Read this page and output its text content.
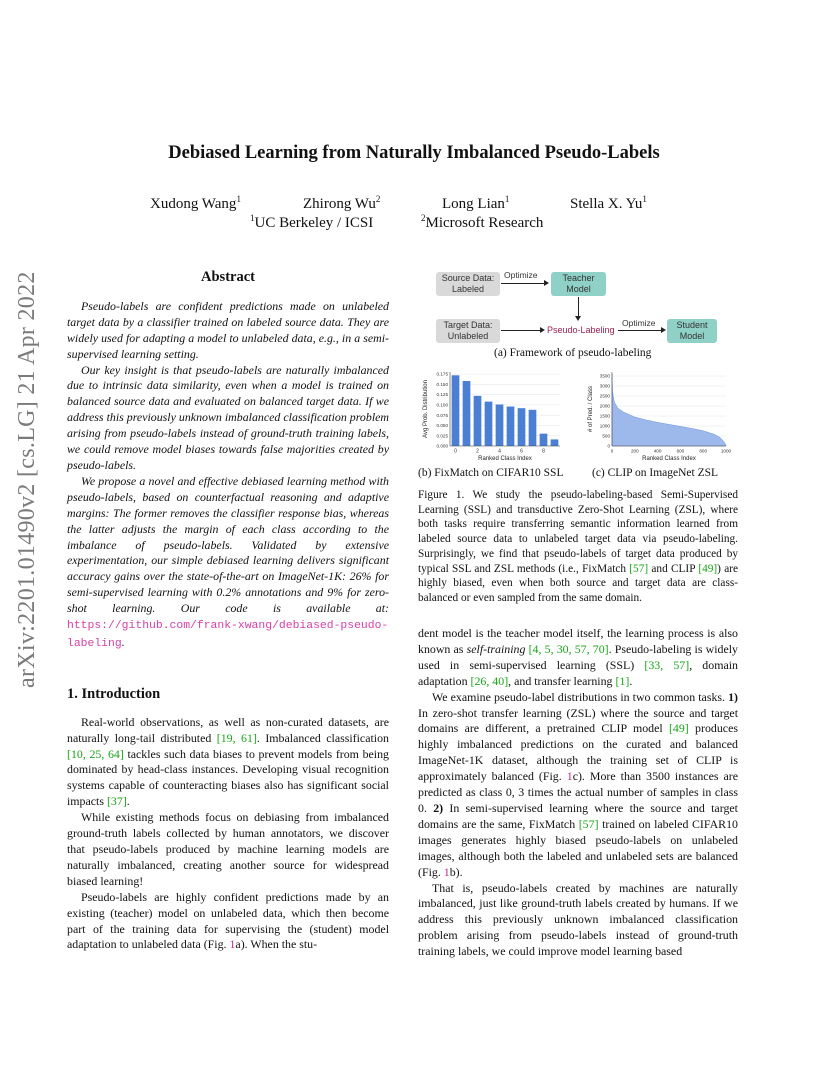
arXiv:2201.01490v2 [cs.LG] 21 Apr 2022
Debiased Learning from Naturally Imbalanced Pseudo-Labels
Xudong Wang$^1$	Zhirong Wu$^2$	Long Lian$^1$	Stella X. Yu$^1$
$^1$UC Berkeley / ICSI	$^2$Microsoft Research
Abstract

Pseudo-labels are confident predictions made on unlabeled target data by a classifier trained on labeled source data. They are widely used for adapting a model to unlabeled data, e.g., in a semi-supervised learning setting.

Our key insight is that pseudo-labels are naturally imbalanced due to intrinsic data similarity, even when a model is trained on balanced source data and evaluated on balanced target data. If we address this previously unknown imbalanced classification problem arising from pseudo-labels instead of ground-truth training labels, we could remove model biases towards false majorities created by pseudo-labels.

We propose a novel and effective debiased learning method with pseudo-labels, based on counterfactual reasoning and adaptive margins: The former removes the classifier response bias, whereas the latter adjusts the margin of each class according to the imbalance of pseudo-labels. Validated by extensive experimentation, our simple debiased learning delivers significant accuracy gains over the state-of-the-art on ImageNet-1K: 26% for semi-supervised learning with 0.2% annotations and 9% for zero-shot learning. Our code is available at: https://github.com/frank-xwang/debiased-pseudo-labeling.

1. Introduction

Real-world observations, as well as non-curated datasets, are naturally long-tail distributed [19, 61]. Imbalanced classification [10, 25, 64] tackles such data biases to prevent models from being dominated by head-class instances. Developing visual recognition systems capable of counteracting biases also has significant social impacts [37].

While existing methods focus on debiasing from imbalanced ground-truth labels collected by human annotators, we discover that pseudo-labels produced by machine learning models are naturally imbalanced, creating another source for widespread biased learning!

Pseudo-labels are highly confident predictions made by an existing (teacher) model on unlabeled data, which then become part of the training data for supervising the (student) model adaptation to unlabeled data (Fig. 1a). When the stu-

Source Data:
Labeled
Optimize	Teacher
Model
Target Data:
Unlabeled
Pseudo-Labeling
Optimize Student
Model
(a) Framework of pseudo-labeling
0.000
0.025
0.050
0.075
0.100
0.125
0.150
0.175
0	2	4	6	8
Ranked Class Index
Avg Prob. Distribution
0
500
1000
1500
2000
2500
3000
3500
0	200	400	600	800	1000
Ranked Class Index
# of Pred. / Class
(b) FixMatch on CIFAR10 SSL (c) CLIP on ImageNet ZSL
Figure 1. We study the pseudo-labeling-based Semi-Supervised Learning (SSL) and transductive Zero-Shot Learning (ZSL), where both tasks require transferring semantic information learned from labeled source data to unlabeled target data via pseudo-labeling. Surprisingly, we find that pseudo-labels of target data produced by typical SSL and ZSL methods (i.e., FixMatch [57] and CLIP [49]) are highly biased, even when both source and target data are class-balanced or even sampled from the same domain.

dent model is the teacher model itself, the learning process is also known as self-training [4, 5, 30, 57, 70]. Pseudo-labeling is widely used in semi-supervised learning (SSL) [33, 57], domain adaptation [26, 40], and transfer learning [1].

We examine pseudo-label distributions in two common tasks. 1) In zero-shot transfer learning (ZSL) where the source and target domains are different, a pretrained CLIP model [49] produces highly imbalanced predictions on the curated and balanced ImageNet-1K dataset, although the training set of CLIP is approximately balanced (Fig. 1c). More than 3500 instances are predicted as class 0, 3 times the actual number of samples in class 0. 2) In semi-supervised learning where the source and target domains are the same, FixMatch [57] trained on labeled CIFAR10 images generates highly biased pseudo-labels on unlabeled images, although both the labeled and unlabeled sets are balanced (Fig. 1b).

That is, pseudo-labels created by machines are naturally imbalanced, just like ground-truth labels created by humans. If we address this previously unknown imbalanced classification problem arising from pseudo-labels instead of ground-truth training labels, we could improve model learning based
